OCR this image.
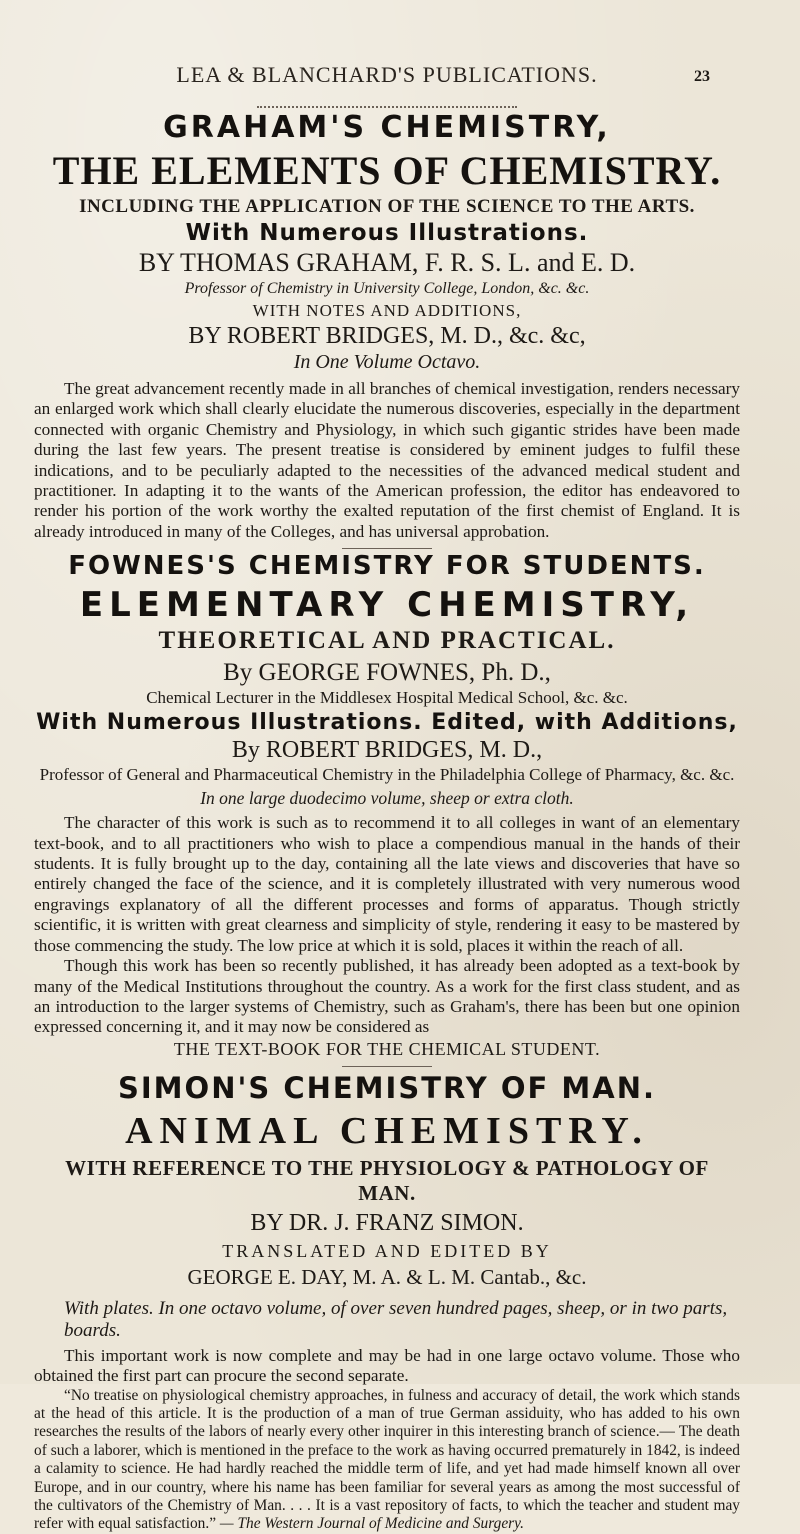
LEA & BLANCHARD'S PUBLICATIONS.	23
GRAHAM'S CHEMISTRY,
THE ELEMENTS OF CHEMISTRY.
INCLUDING THE APPLICATION OF THE SCIENCE TO THE ARTS.
With Numerous Illustrations.
BY THOMAS GRAHAM, F. R. S. L. and E. D.
Professor of Chemistry in University College, London, &c. &c.
WITH NOTES AND ADDITIONS,
BY ROBERT BRIDGES, M. D., &c. &c,
In One Volume Octavo.

The great advancement recently made in all branches of chemical investigation, renders necessary an enlarged work which shall clearly elucidate the numerous discoveries, especially in the department connected with organic Chemistry and Physiology, in which such gigantic strides have been made during the last few years. The present treatise is considered by eminent judges to fulfil these indications, and to be peculiarly adapted to the necessities of the advanced medical student and practitioner. In adapting it to the wants of the American profession, the editor has endeavored to render his portion of the work worthy the exalted reputation of the first chemist of England. It is already introduced in many of the Colleges, and has universal approbation.

FOWNES'S CHEMISTRY FOR STUDENTS.
ELEMENTARY CHEMISTRY,
THEORETICAL AND PRACTICAL.
By GEORGE FOWNES, Ph. D.,
Chemical Lecturer in the Middlesex Hospital Medical School, &c. &c.
With Numerous Illustrations. Edited, with Additions,
By ROBERT BRIDGES, M. D.,
Professor of General and Pharmaceutical Chemistry in the Philadelphia College of Pharmacy, &c. &c.
In one large duodecimo volume, sheep or extra cloth.

The character of this work is such as to recommend it to all colleges in want of an elementary text-book, and to all practitioners who wish to place a compendious manual in the hands of their students. It is fully brought up to the day, containing all the late views and discoveries that have so entirely changed the face of the science, and it is completely illustrated with very numerous wood engravings explanatory of all the different processes and forms of apparatus. Though strictly scientific, it is written with great clearness and simplicity of style, rendering it easy to be mastered by those commencing the study. The low price at which it is sold, places it within the reach of all.

Though this work has been so recently published, it has already been adopted as a text-book by many of the Medical Institutions throughout the country. As a work for the first class student, and as an introduction to the larger systems of Chemistry, such as Graham's, there has been but one opinion expressed concerning it, and it may now be considered as

THE TEXT-BOOK FOR THE CHEMICAL STUDENT.
SIMON'S CHEMISTRY OF MAN.
ANIMAL CHEMISTRY.
WITH REFERENCE TO THE PHYSIOLOGY & PATHOLOGY OF MAN.
BY DR. J. FRANZ SIMON.
TRANSLATED AND EDITED BY
GEORGE E. DAY, M. A. & L. M. Cantab., &c.
With plates. In one octavo volume, of over seven hundred pages, sheep, or in two parts, boards.

This important work is now complete and may be had in one large octavo volume. Those who obtained the first part can procure the second separate.

“No treatise on physiological chemistry approaches, in fulness and accuracy of detail, the work which stands at the head of this article. It is the production of a man of true German assiduity, who has added to his own researches the results of the labors of nearly every other inquirer in this interesting branch of science.— The death of such a laborer, which is mentioned in the preface to the work as having occurred prematurely in 1842, is indeed a calamity to science. He had hardly reached the middle term of life, and yet had made himself known all over Europe, and in our country, where his name has been familiar for several years as among the most successful of the cultivators of the Chemistry of Man. . . . It is a vast repository of facts, to which the teacher and student may refer with equal satisfaction.” — The Western Journal of Medicine and Surgery.
